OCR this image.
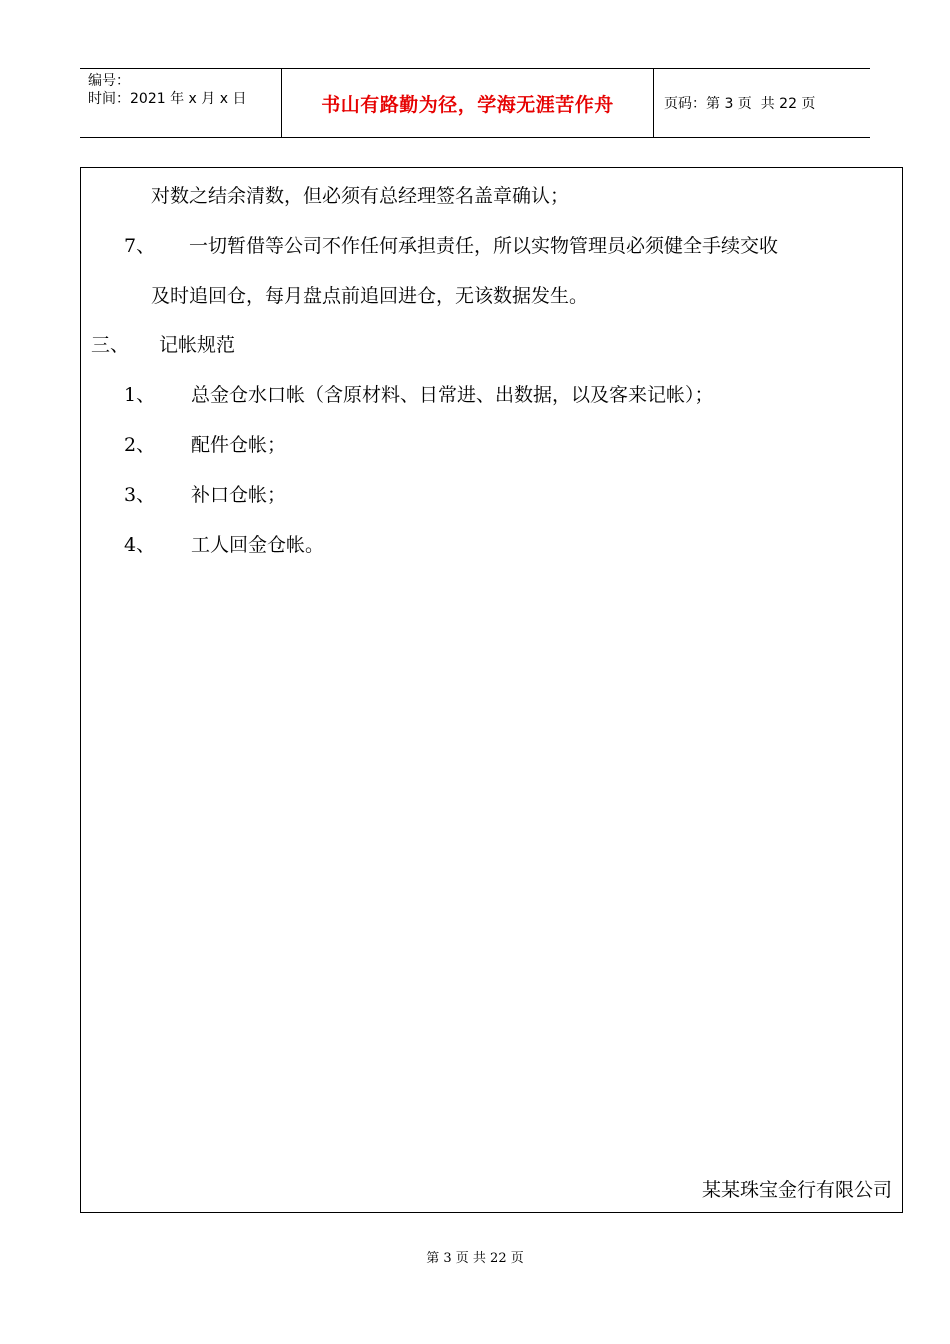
编号：
时间：2021 年 x 月 x 日	书山有路勤为径，学海无涯苦作舟	页码：第 3 页  共 22 页
对数之结余清数，但必须有总经理签名盖章确认；
7、 一切暂借等公司不作任何承担责任，所以实物管理员必须健全手续交收
及时追回仓，每月盘点前追回进仓，无该数据发生。
三、 记帐规范
1、 总金仓水口帐（含原材料、日常进、出数据，以及客来记帐）；
2、 配件仓帐；
3、 补口仓帐；
4、 工人回金仓帐。
某某珠宝金行有限公司
第 3 页 共 22 页
